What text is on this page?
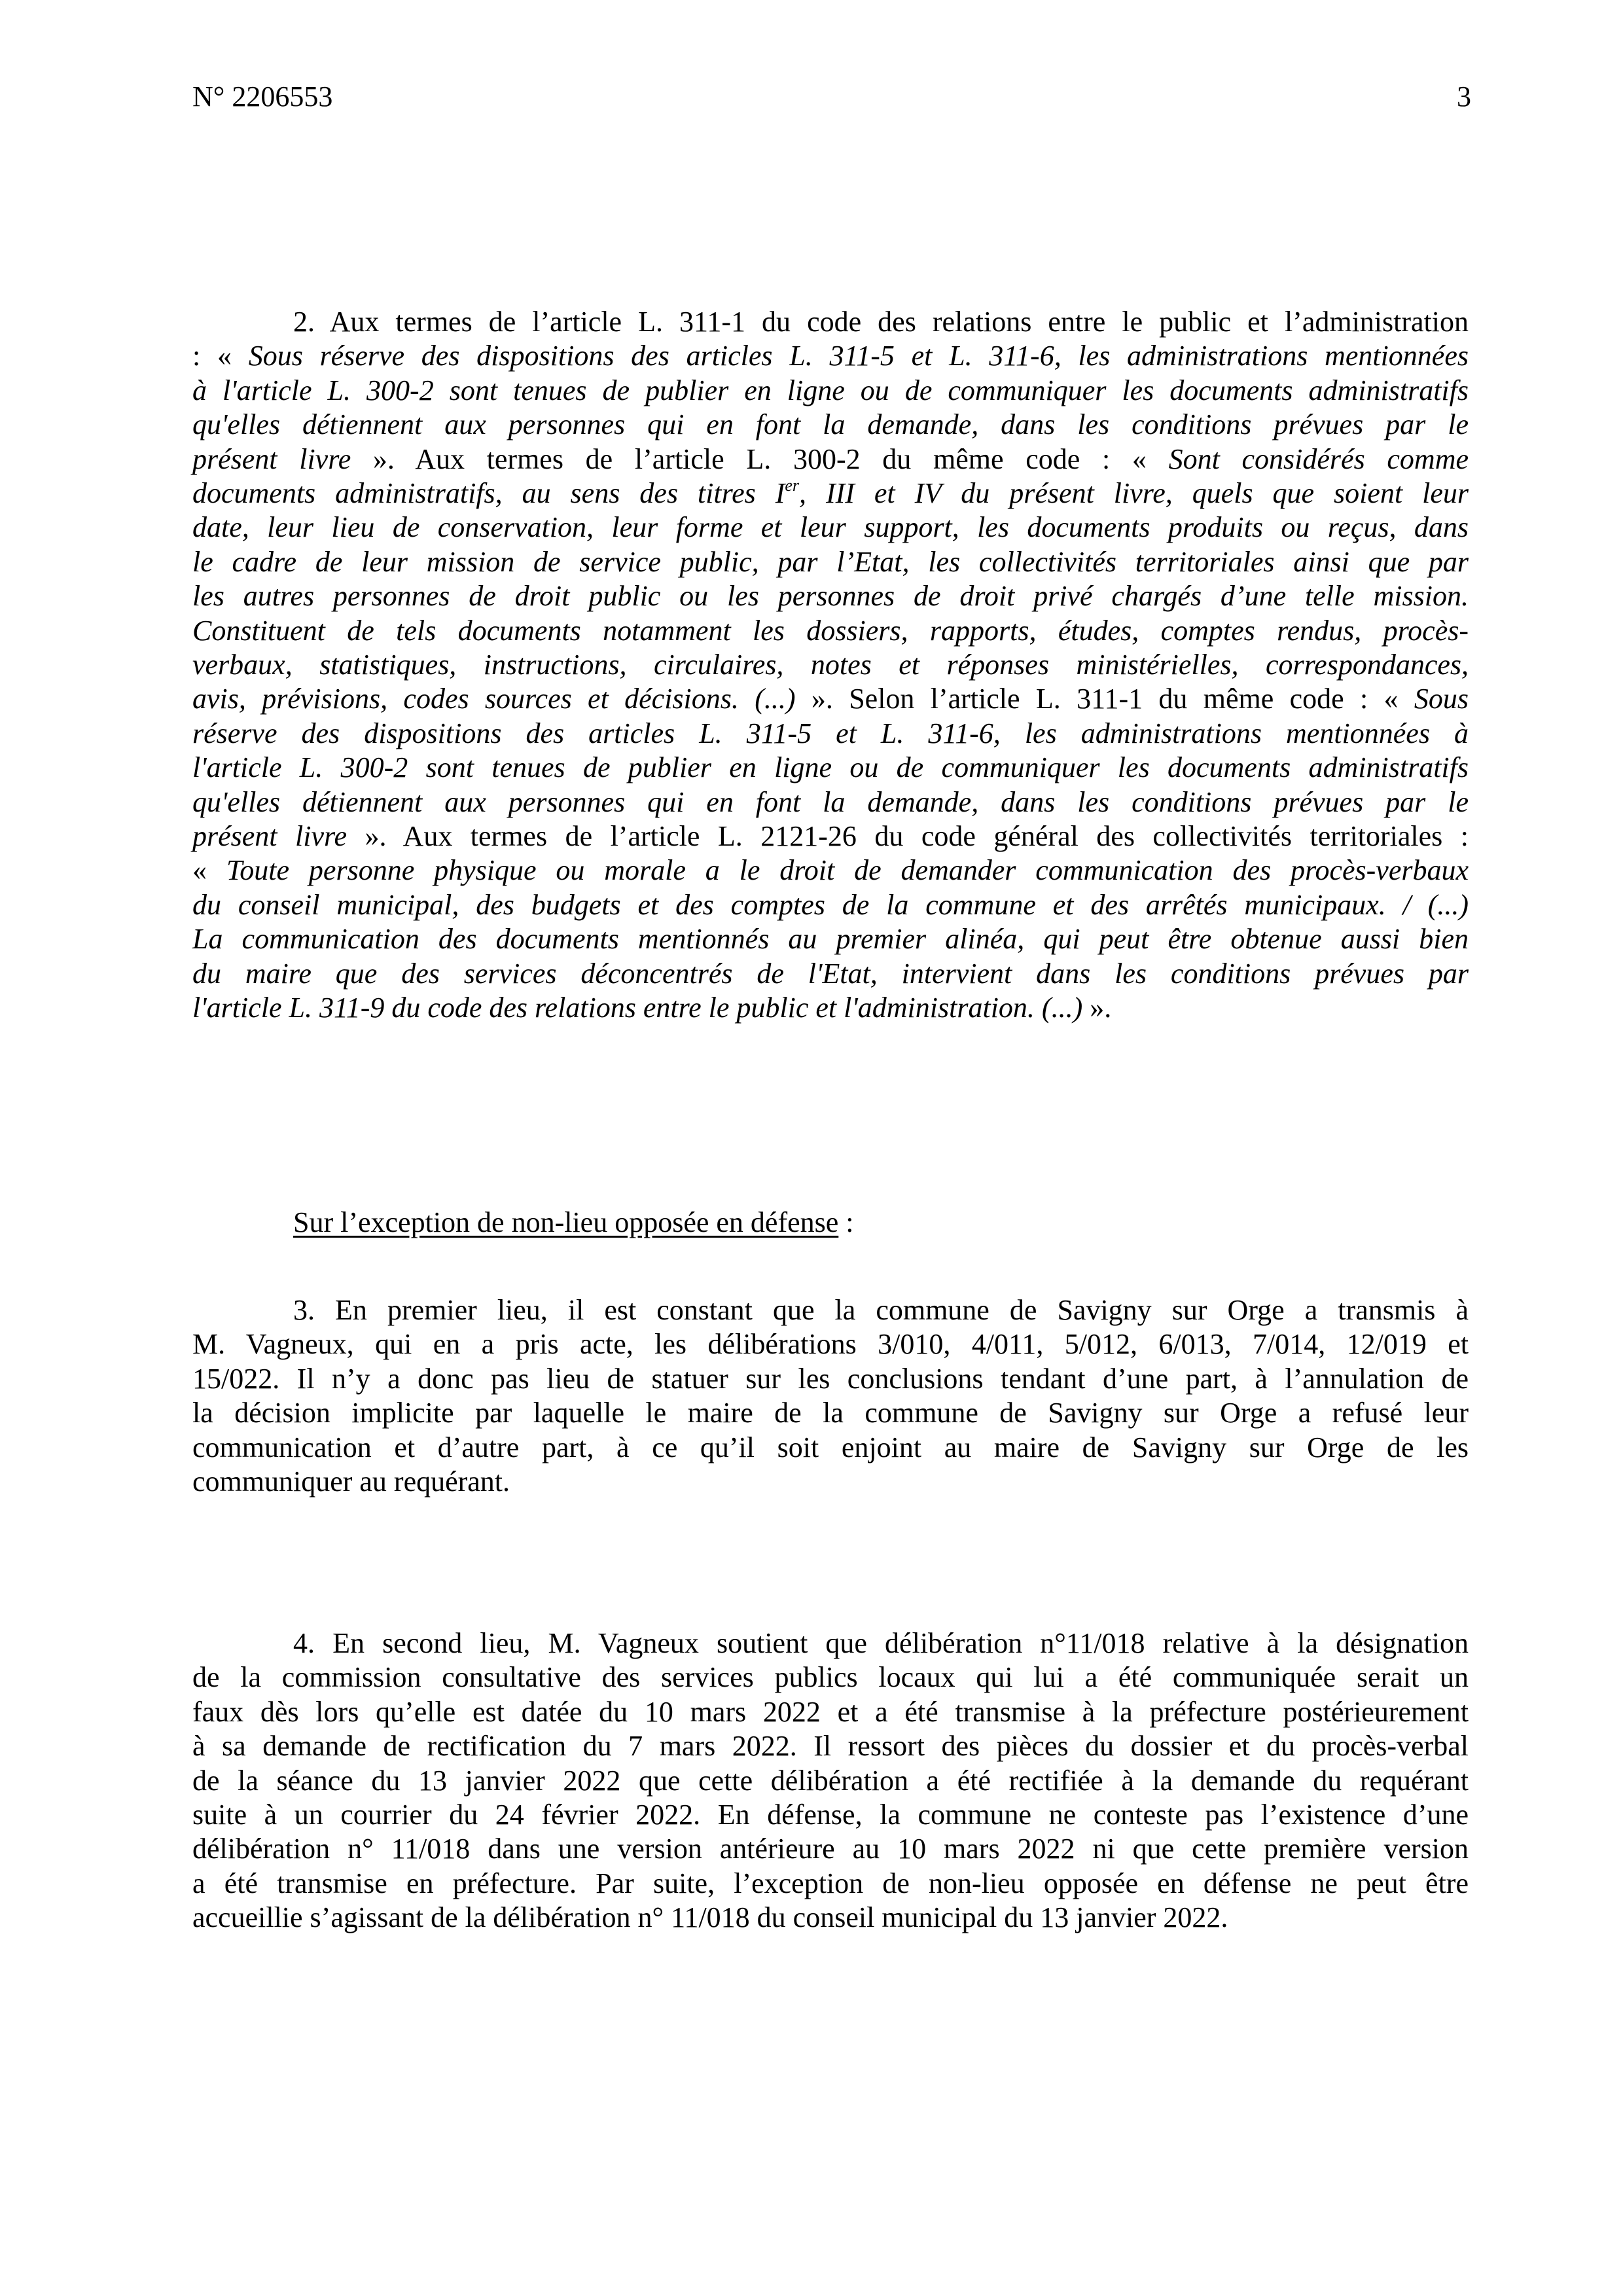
N° 2206553	3
2. Aux termes de l’article L. 311-1 du code des relations entre le public et l’administration
: « Sous réserve des dispositions des articles L. 311-5 et L. 311-6, les administrations mentionnées
à l'article L. 300-2 sont tenues de publier en ligne ou de communiquer les documents administratifs
qu'elles détiennent aux personnes qui en font la demande, dans les conditions prévues par le
présent livre ». Aux termes de l’article L. 300-2 du même code : « Sont considérés comme
documents administratifs, au sens des titres Ier, III et IV du présent livre, quels que soient leur
date, leur lieu de conservation, leur forme et leur support, les documents produits ou reçus, dans
le cadre de leur mission de service public, par l’Etat, les collectivités territoriales ainsi que par
les autres personnes de droit public ou les personnes de droit privé chargés d’une telle mission.
Constituent de tels documents notamment les dossiers, rapports, études, comptes rendus, procès-
verbaux, statistiques, instructions, circulaires, notes et réponses ministérielles, correspondances,
avis, prévisions, codes sources et décisions. (...) ». Selon l’article L. 311-1 du même code : « Sous
réserve des dispositions des articles L. 311-5 et L. 311-6, les administrations mentionnées à
l'article L. 300-2 sont tenues de publier en ligne ou de communiquer les documents administratifs
qu'elles détiennent aux personnes qui en font la demande, dans les conditions prévues par le
présent livre ». Aux termes de l’article L. 2121-26 du code général des collectivités territoriales :
« Toute personne physique ou morale a le droit de demander communication des procès-verbaux
du conseil municipal, des budgets et des comptes de la commune et des arrêtés municipaux. / (...)
La communication des documents mentionnés au premier alinéa, qui peut être obtenue aussi bien
du maire que des services déconcentrés de l'Etat, intervient dans les conditions prévues par
l'article L. 311-9 du code des relations entre le public et l'administration. (...) ».
Sur l’exception de non-lieu opposée en défense :
3. En premier lieu, il est constant que la commune de Savigny sur Orge a transmis à
M. Vagneux, qui en a pris acte, les délibérations 3/010, 4/011, 5/012, 6/013, 7/014, 12/019 et
15/022. Il n’y a donc pas lieu de statuer sur les conclusions tendant d’une part, à l’annulation de
la décision implicite par laquelle le maire de la commune de Savigny sur Orge a refusé leur
communication et d’autre part, à ce qu’il soit enjoint au maire de Savigny sur Orge de les
communiquer au requérant.
4. En second lieu, M. Vagneux soutient que délibération n°11/018 relative à la désignation
de la commission consultative des services publics locaux qui lui a été communiquée serait un
faux dès lors qu’elle est datée du 10 mars 2022 et a été transmise à la préfecture postérieurement
à sa demande de rectification du 7 mars 2022. Il ressort des pièces du dossier et du procès-verbal
de la séance du 13 janvier 2022 que cette délibération a été rectifiée à la demande du requérant
suite à un courrier du 24 février 2022. En défense, la commune ne conteste pas l’existence d’une
délibération n° 11/018 dans une version antérieure au 10 mars 2022 ni que cette première version
a été transmise en préfecture. Par suite, l’exception de non-lieu opposée en défense ne peut être
accueillie s’agissant de la délibération n° 11/018 du conseil municipal du 13 janvier 2022.
